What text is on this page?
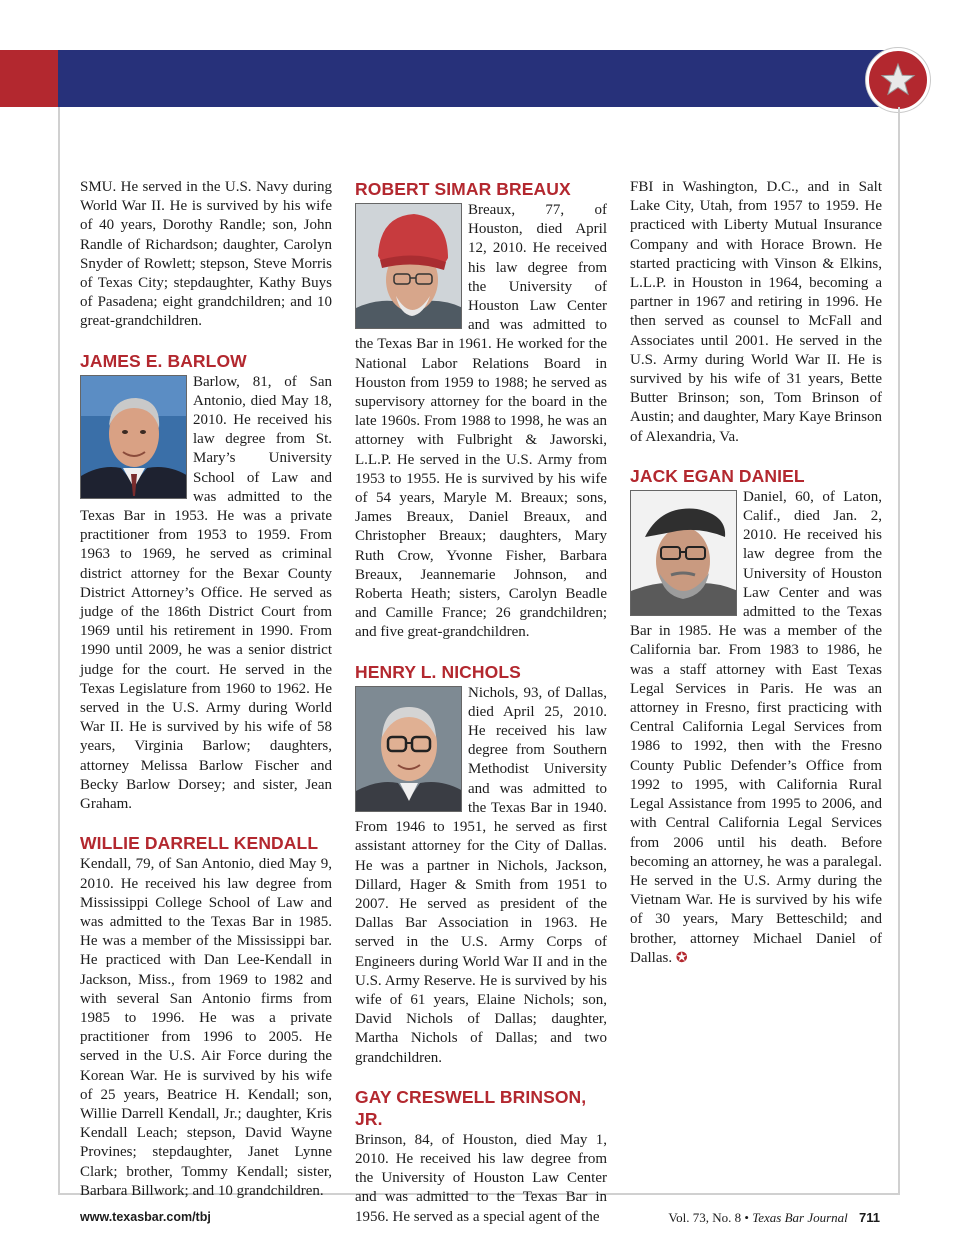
SMU. He served in the U.S. Navy during World War II. He is survived by his wife of 40 years, Dorothy Randle; son, John Randle of Richardson; daughter, Carolyn Snyder of Rowlett; stepson, Steve Morris of Texas City; stepdaughter, Kathy Buys of Pasadena; eight grandchildren; and 10 great-grandchildren.

JAMES E. BARLOW

Barlow, 81, of San Antonio, died May 18, 2010. He received his law degree from St. Mary’s University School of Law and was admitted to the Texas Bar in 1953. He was a private practitioner from 1953 to 1959. From 1963 to 1969, he served as criminal district attorney for the Bexar County District Attorney’s Office. He served as judge of the 186th District Court from 1969 until his retirement in 1990. From 1990 until 2009, he was a senior district judge for the court. He served in the Texas Legislature from 1960 to 1962. He served in the U.S. Army during World War II. He is survived by his wife of 58 years, Virginia Barlow; daughters, attorney Melissa Barlow Fischer and Becky Barlow Dorsey; and sister, Jean Graham.

WILLIE DARRELL KENDALL

Kendall, 79, of San Antonio, died May 9, 2010. He received his law degree from Mississippi College School of Law and was admitted to the Texas Bar in 1985. He was a member of the Mississippi bar. He practiced with Dan Lee-Kendall in Jackson, Miss., from 1969 to 1982 and with several San Antonio firms from 1985 to 1996. He was a private practitioner from 1996 to 2005. He served in the U.S. Air Force during the Korean War. He is survived by his wife of 25 years, Beatrice H. Kendall; son, Willie Darrell Kendall, Jr.; daughter, Kris Kendall Leach; stepson, David Wayne Provines; stepdaughter, Janet Lynne Clark; brother, Tommy Kendall; sister, Barbara Billwork; and 10 grandchildren.

ROBERT SIMAR BREAUX

Breaux, 77, of Houston, died April 12, 2010. He received his law degree from the University of Houston Law Center and was admitted to the Texas Bar in 1961. He worked for the National Labor Relations Board in Houston from 1959 to 1988; he served as supervisory attorney for the board in the late 1960s. From 1988 to 1998, he was an attorney with Fulbright & Jaworski, L.L.P. He served in the U.S. Army from 1953 to 1955. He is survived by his wife of 54 years, Maryle M. Breaux; sons, James Breaux, Daniel Breaux, and Christopher Breaux; daughters, Mary Ruth Crow, Yvonne Fisher, Barbara Breaux, Jeannemarie Johnson, and Roberta Heath; sisters, Carolyn Beadle and Camille France; 26 grandchildren; and five great-grandchildren.

HENRY L. NICHOLS

Nichols, 93, of Dallas, died April 25, 2010. He received his law degree from Southern Methodist University and was admitted to the Texas Bar in 1940. From 1946 to 1951, he served as first assistant attorney for the City of Dallas. He was a partner in Nichols, Jackson, Dillard, Hager & Smith from 1951 to 2007. He served as president of the Dallas Bar Association in 1963. He served in the U.S. Army Corps of Engineers during World War II and in the U.S. Army Reserve. He is survived by his wife of 61 years, Elaine Nichols; son, David Nichols of Dallas; daughter, Martha Nichols of Dallas; and two grandchildren.

GAY CRESWELL BRINSON, JR.

Brinson, 84, of Houston, died May 1, 2010. He received his law degree from the University of Houston Law Center and was admitted to the Texas Bar in 1956. He served as a special agent of the

FBI in Washington, D.C., and in Salt Lake City, Utah, from 1957 to 1959. He practiced with Liberty Mutual Insurance Company and with Horace Brown. He started practicing with Vinson & Elkins, L.L.P. in Houston in 1964, becoming a partner in 1967 and retiring in 1996. He then served as counsel to McFall and Associates until 2001. He served in the U.S. Army during World War II. He is survived by his wife of 31 years, Bette Butter Brinson; son, Tom Brinson of Austin; and daughter, Mary Kaye Brinson of Alexandria, Va.

JACK EGAN DANIEL

Daniel, 60, of Laton, Calif., died Jan. 2, 2010. He received his law degree from the University of Houston Law Center and was admitted to the Texas Bar in 1985. He was a member of the California bar. From 1983 to 1986, he was a staff attorney with East Texas Legal Services in Paris. He was an attorney in Fresno, first practicing with Central California Legal Services from 1986 to 1992, then with the Fresno County Public Defender’s Office from 1992 to 1995, with California Rural Legal Assistance from 1995 to 2006, and with Central California Legal Services from 2006 until his death. Before becoming an attorney, he was a paralegal. He served in the U.S. Army during the Vietnam War. He is survived by his wife of 30 years, Mary Betteschild; and brother, attorney Michael Daniel of Dallas. ✪

www.texasbar.com/tbj	Vol. 73, No. 8 • Texas Bar Journal 711
